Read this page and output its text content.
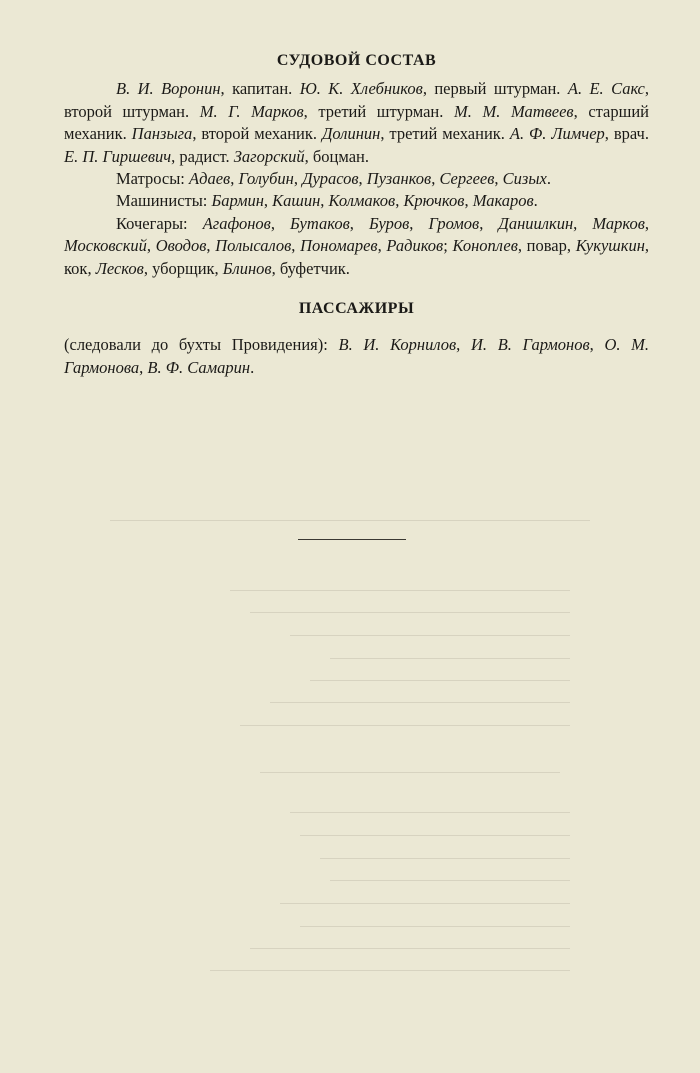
СУДОВОЙ СОСТАВ

В. И. Воронин, капитан. Ю. К. Хлебников, первый штурман. А. Е. Сакс, второй штурман. М. Г. Марков, третий штурман. М. М. Матвеев, старший механик. Панзыга, второй механик. Долинин, третий механик. А. Ф. Лимчер, врач. Е. П. Гиршевич, радист. Загорский, боцман.

Матросы: Адаев, Голубин, Дурасов, Пузанков, Сергеев, Сизых.

Машинисты: Бармин, Кашин, Колмаков, Крючков, Макаров.

Кочегары: Агафонов, Бутаков, Буров, Громов, Даниилкин, Марков, Московский, Оводов, Полысалов, Пономарев, Радиков; Коноплев, повар, Кукушкин, кок, Лесков, уборщик, Блинов, буфетчик.

ПАССАЖИРЫ

(следовали до бухты Провидения): В. И. Корнилов, И. В. Гармонов, О. М. Гармонова, В. Ф. Самарин.
